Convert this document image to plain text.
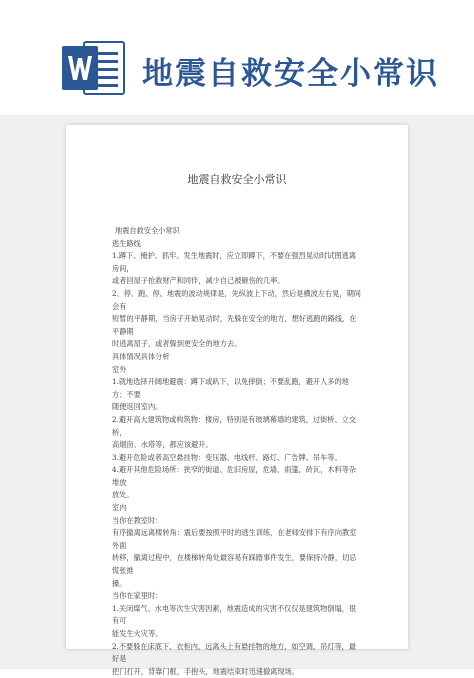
地震自救安全小常识
地震自救安全小常识

地震自救安全小常识

逃生路线

1.蹲下、掩护、抓牢。发生地震时，应立即蹲下，不要在强烈晃动时试图逃离房间，

或者回屋子抢救财产和同伴，减少自己被砸伤的几率。

2、停、跑、停。地震的波动规律是，先纵波上下动，然后是横波左右晃，期间会有

短暂的平静期，当房子开始晃动时，先躲在安全的地方，想好逃跑的路线，在平静期

时逃离屋子，或者躲到更安全的地方去。

具体情况具体分析

室外

1.就地选择开阔地避震：蹲下或趴下，以免摔倒；不要乱跑，避开人多的地方；不要

随便返回室内。

2.避开高大建筑物或构筑物：楼房，特别是有玻璃幕墙的建筑，过街桥、立交桥，

高烟囱、水塔等，都应该避开。

3.避开危险或者高空悬挂物：变压器、电线杆、路灯、广告牌、吊车等。

4.避开其他危险场所：狭窄的街道、危旧房屋，危墙，雨篷，砖瓦，木料等杂堆放

放处。

室内

当你在教室时：

有序撤离远离楼转角：震后要按照平时的逃生训练，在老师安排下有序向教室外面

转移，撤离过程中，在楼梯转角处最容易有踩踏事件发生，要保持冷静，切忌慌张推

搡。

当你在家里时：

1.关闭煤气、水电等次生灾害因素，地震造成的灾害不仅仅是建筑物倒塌，很有可

能发生火灾等。

2.不要躲在床底下、衣柜内，远离头上有悬挂物的地方，如空调、吊灯等，最好是

把门打开，背靠门框，手抱头，地震结束时迅速撤离现场。
